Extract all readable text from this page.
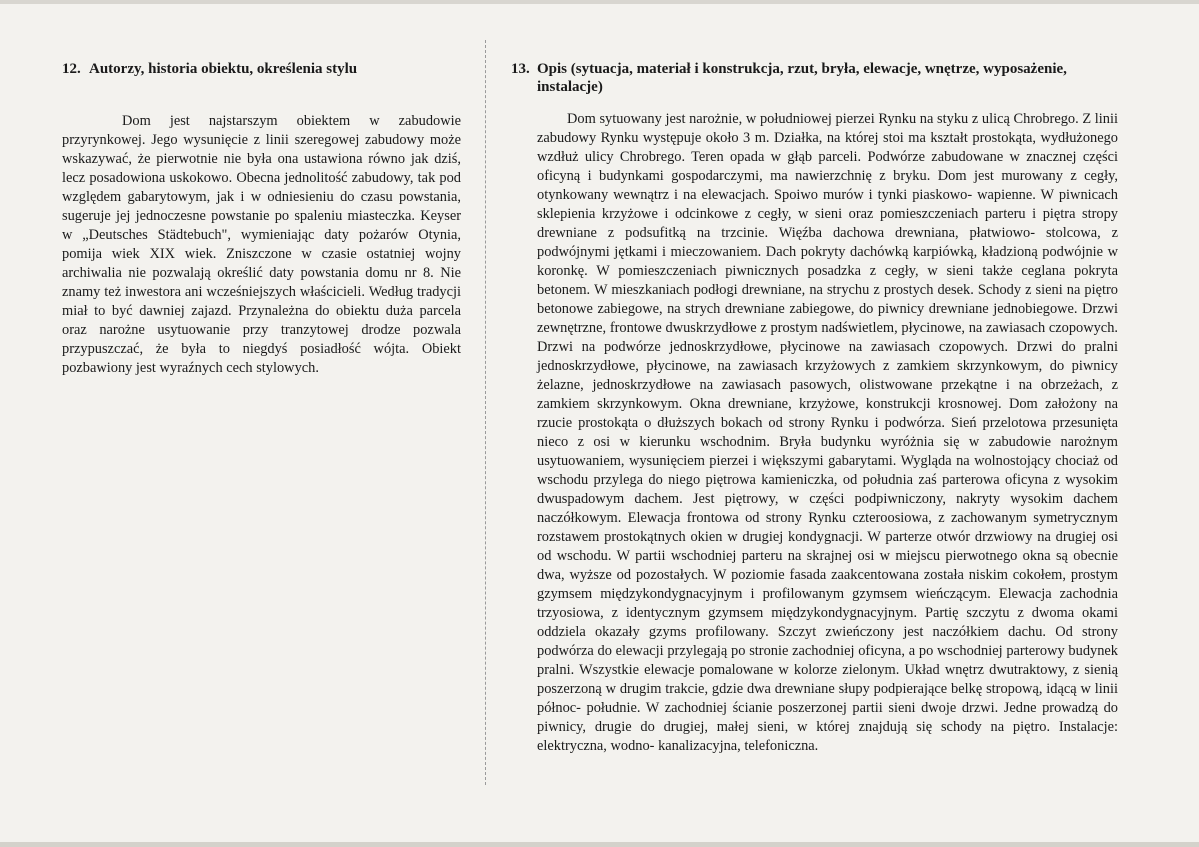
12. Autorzy, historia obiektu, określenia stylu

Dom jest najstarszym obiektem w zabudowie przyrynkowej. Jego wysunięcie z linii szeregowej zabudowy może wskazywać, że pierwotnie nie była ona ustawiona równo jak dziś, lecz posadowiona uskokowo. Obecna jednolitość zabudowy, tak pod względem gabarytowym, jak i w odniesieniu do czasu powstania, sugeruje jej jednoczesne powstanie po spaleniu miasteczka. Keyser w „Deutsches Städtebuch", wymieniając daty pożarów Otynia, pomija wiek XIX wiek. Zniszczone w czasie ostatniej wojny archiwalia nie pozwalają określić daty powstania domu nr 8. Nie znamy też inwestora ani wcześniejszych właścicieli. Według tradycji miał to być dawniej zajazd. Przynależna do obiektu duża parcela oraz narożne usytuowanie przy tranzytowej drodze pozwala przypuszczać, że była to niegdyś posiadłość wójta. Obiekt pozbawiony jest wyraźnych cech stylowych.

13. Opis (sytuacja, materiał i konstrukcja, rzut, bryła, elewacje, wnętrze, wyposażenie,
instalacje)

Dom sytuowany jest narożnie, w południowej pierzei Rynku na styku z ulicą Chrobrego. Z linii zabudowy Rynku występuje około 3 m. Działka, na której stoi ma kształt prostokąta, wydłużonego wzdłuż ulicy Chrobrego. Teren opada w głąb parceli. Podwórze zabudowane w znacznej części oficyną i budynkami gospodarczymi, ma nawierzchnię z bryku. Dom jest murowany z cegły, otynkowany wewnątrz i na elewacjach. Spoiwo murów i tynki piaskowo- wapienne. W piwnicach sklepienia krzyżowe i odcinkowe z cegły, w sieni oraz pomieszczeniach parteru i piętra stropy drewniane z podsufitką na trzcinie. Więźba dachowa drewniana, płatwiowo- stolcowa, z podwójnymi jętkami i mieczowaniem. Dach pokryty dachówką karpiówką, kładzioną podwójnie w koronkę. W pomieszczeniach piwnicznych posadzka z cegły, w sieni także ceglana pokryta betonem. W mieszkaniach podłogi drewniane, na strychu z prostych desek. Schody z sieni na piętro betonowe zabiegowe, na strych drewniane zabiegowe, do piwnicy drewniane jednobiegowe. Drzwi zewnętrzne, frontowe dwuskrzydłowe z prostym nadświetlem, płycinowe, na zawiasach czopowych. Drzwi na podwórze jednoskrzydłowe, płycinowe na zawiasach czopowych. Drzwi do pralni jednoskrzydłowe, płycinowe, na zawiasach krzyżowych z zamkiem skrzynkowym, do piwnicy żelazne, jednoskrzydłowe na zawiasach pasowych, olistwowane przekątne i na obrzeżach, z zamkiem skrzynkowym. Okna drewniane, krzyżowe, konstrukcji krosnowej. Dom założony na rzucie prostokąta o dłuższych bokach od strony Rynku i podwórza. Sień przelotowa przesunięta nieco z osi w kierunku wschodnim. Bryła budynku wyróżnia się w zabudowie narożnym usytuowaniem, wysunięciem pierzei i większymi gabarytami. Wygląda na wolnostojący chociaż od wschodu przylega do niego piętrowa kamieniczka, od południa zaś parterowa oficyna z wysokim dwuspadowym dachem. Jest piętrowy, w części podpiwniczony, nakryty wysokim dachem naczółkowym. Elewacja frontowa od strony Rynku czteroosiowa, z zachowanym symetrycznym rozstawem prostokątnych okien w drugiej kondygnacji. W parterze otwór drzwiowy na drugiej osi od wschodu. W partii wschodniej parteru na skrajnej osi w miejscu pierwotnego okna są obecnie dwa, wyższe od pozostałych. W poziomie fasada zaakcentowana została niskim cokołem, prostym gzymsem międzykondygnacyjnym i profilowanym gzymsem wieńczącym. Elewacja zachodnia trzyosiowa, z identycznym gzymsem międzykondygnacyjnym. Partię szczytu z dwoma okami oddziela okazały gzyms profilowany. Szczyt zwieńczony jest naczółkiem dachu. Od strony podwórza do elewacji przylegają po stronie zachodniej oficyna, a po wschodniej parterowy budynek pralni. Wszystkie elewacje pomalowane w kolorze zielonym. Układ wnętrz dwutraktowy, z sienią poszerzoną w drugim trakcie, gdzie dwa drewniane słupy podpierające belkę stropową, idącą w linii północ- południe. W zachodniej ścianie poszerzonej partii sieni dwoje drzwi. Jedne prowadzą do piwnicy, drugie do drugiej, małej sieni, w której znajdują się schody na piętro. Instalacje: elektryczna, wodno- kanalizacyjna, telefoniczna.
